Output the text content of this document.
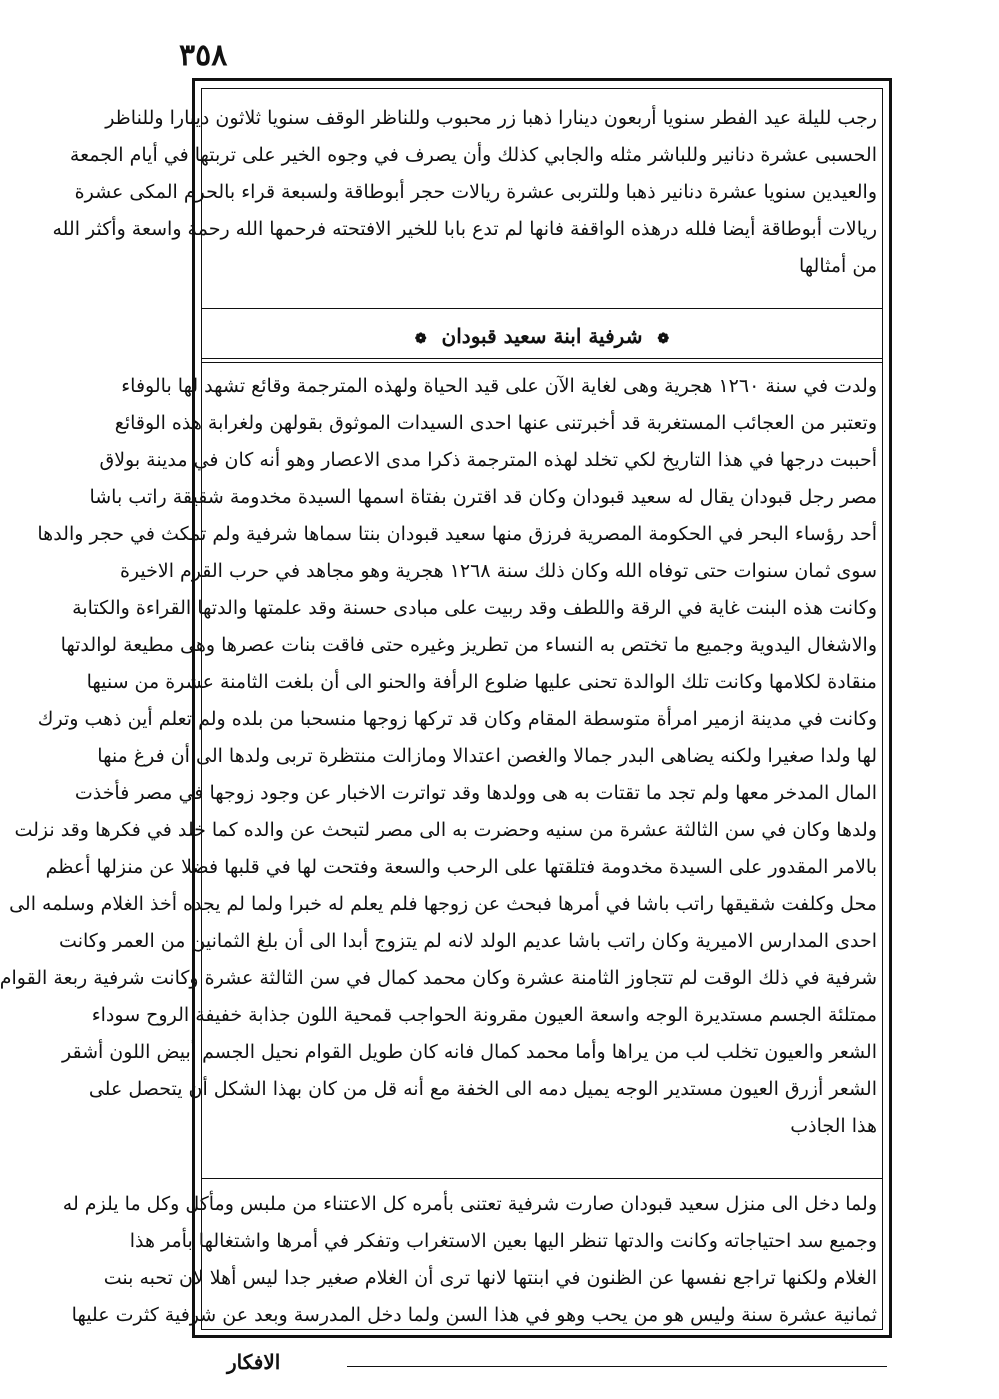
٣٥٨
رجب لليلة عيد الفطر سنويا أربعون دينارا ذهبا زر محبوب وللناظر الوقف سنويا ثلاثون دينارا وللناظر
الحسبى عشرة دنانير وللباشر مثله والجابي كذلك وأن يصرف في وجوه الخير على تربتها في أيام الجمعة
والعيدين سنويا عشرة دنانير ذهبا وللتربى عشرة ريالات حجر أبوطاقة ولسبعة قراء بالحرم المكى عشرة
ريالات أبوطاقة أيضا فلله درهذه الواقفة فانها لم تدع بابا للخير الافتحته فرحمها الله رحمة واسعة وأكثر الله
من أمثالها
❁ شرفية ابنة سعيد قبودان ❁
ولدت في سنة ١٢٦٠ هجرية وهى لغاية الآن على قيد الحياة ولهذه المترجمة وقائع تشهد لها بالوفاء
وتعتبر من العجائب المستغربة قد أخبرتنى عنها احدى السيدات الموثوق بقولهن ولغرابة هذه الوقائع
أحببت درجها في هذا التاريخ لكي تخلد لهذه المترجمة ذكرا مدى الاعصار وهو أنه كان في مدينة بولاق
مصر رجل قبودان يقال له سعيد قبودان وكان قد اقترن بفتاة اسمها السيدة مخدومة شقيقة راتب باشا
أحد رؤساء البحر في الحكومة المصرية فرزق منها سعيد قبودان بنتا سماها شرفية ولم تمكث في حجر والدها
سوى ثمان سنوات حتى توفاه الله وكان ذلك سنة ١٢٦٨ هجرية وهو مجاهد في حرب القرم الاخيرة
وكانت هذه البنت غاية في الرقة واللطف وقد ربيت على مبادى حسنة وقد علمتها والدتها القراءة والكتابة
والاشغال اليدوية وجميع ما تختص به النساء من تطريز وغيره حتى فاقت بنات عصرها وهى مطيعة لوالدتها
منقادة لكلامها وكانت تلك الوالدة تحنى عليها ضلوع الرأفة والحنو الى أن بلغت الثامنة عشرة من سنيها
وكانت في مدينة ازمير امرأة متوسطة المقام وكان قد تركها زوجها منسحبا من بلده ولم تعلم أين ذهب وترك
لها ولدا صغيرا ولكنه يضاهى البدر جمالا والغصن اعتدالا ومازالت منتظرة تربى ولدها الى أن فرغ منها
المال المدخر معها ولم تجد ما تقتات به هى وولدها وقد تواترت الاخبار عن وجود زوجها في مصر فأخذت
ولدها وكان في سن الثالثة عشرة من سنيه وحضرت به الى مصر لتبحث عن والده كما خلد في فكرها وقد نزلت
بالامر المقدور على السيدة مخدومة فتلقتها على الرحب والسعة وفتحت لها في قلبها فضلا عن منزلها أعظم
محل وكلفت شقيقها راتب باشا في أمرها فبحث عن زوجها فلم يعلم له خبرا ولما لم يجده أخذ الغلام وسلمه الى
احدى المدارس الاميرية وكان راتب باشا عديم الولد لانه لم يتزوج أبدا الى أن بلغ الثمانين من العمر وكانت
شرفية في ذلك الوقت لم تتجاوز الثامنة عشرة وكان محمد كمال في سن الثالثة عشرة وكانت شرفية ربعة القوام
ممتلئة الجسم مستديرة الوجه واسعة العيون مقرونة الحواجب قمحية اللون جذابة خفيفة الروح سوداء
الشعر والعيون تخلب لب من يراها وأما محمد كمال فانه كان طويل القوام نحيل الجسم أبيض اللون أشقر
الشعر أزرق العيون مستدير الوجه يميل دمه الى الخفة مع أنه قل من كان بهذا الشكل أن يتحصل على
هذا الجاذب
ولما دخل الى منزل سعيد قبودان صارت شرفية تعتنى بأمره كل الاعتناء من ملبس ومأكل وكل ما يلزم له
وجميع سد احتياجاته وكانت والدتها تنظر اليها بعين الاستغراب وتفكر في أمرها واشتغالها بأمر هذا
الغلام ولكنها تراجع نفسها عن الظنون في ابنتها لانها ترى أن الغلام صغير جدا ليس أهلا لان تحبه بنت
ثمانية عشرة سنة وليس هو من يحب وهو في هذا السن ولما دخل المدرسة وبعد عن شرفية كثرت عليها
الافكار
